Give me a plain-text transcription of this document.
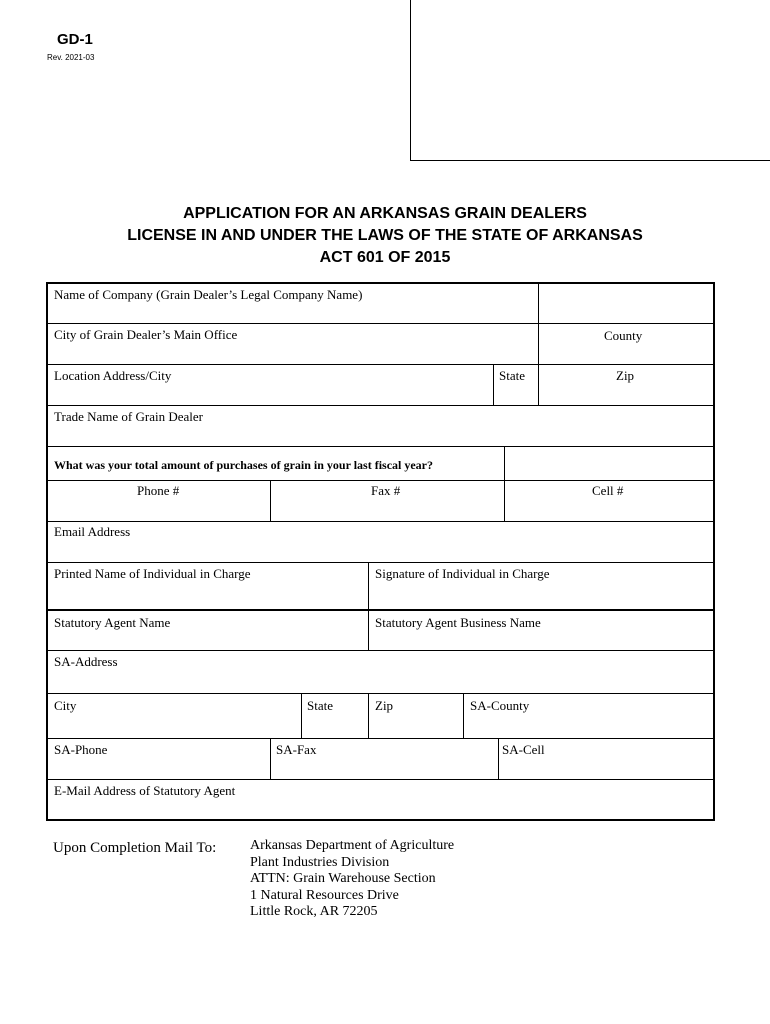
GD-1
Rev. 2021-03
APPLICATION FOR AN ARKANSAS GRAIN DEALERS
LICENSE IN AND UNDER THE LAWS OF THE STATE OF ARKANSAS
ACT 601 OF 2015
Name of Company (Grain Dealer’s Legal Company Name)
City of Grain Dealer’s Main Office	County
Location Address/City	State	Zip
Trade Name of Grain Dealer
What was your total amount of purchases of grain in your last fiscal year?
Phone #	Fax #	Cell #
Email Address
Printed Name of Individual in Charge	Signature of Individual in Charge
Statutory Agent Name	Statutory Agent Business Name
SA-Address
City	State	Zip	SA-County
SA-Phone	SA-Fax	SA-Cell
E-Mail Address of Statutory Agent
Upon Completion Mail To: Arkansas Department of Agriculture
Plant Industries Division
ATTN: Grain Warehouse Section
1 Natural Resources Drive
Little Rock, AR 72205
